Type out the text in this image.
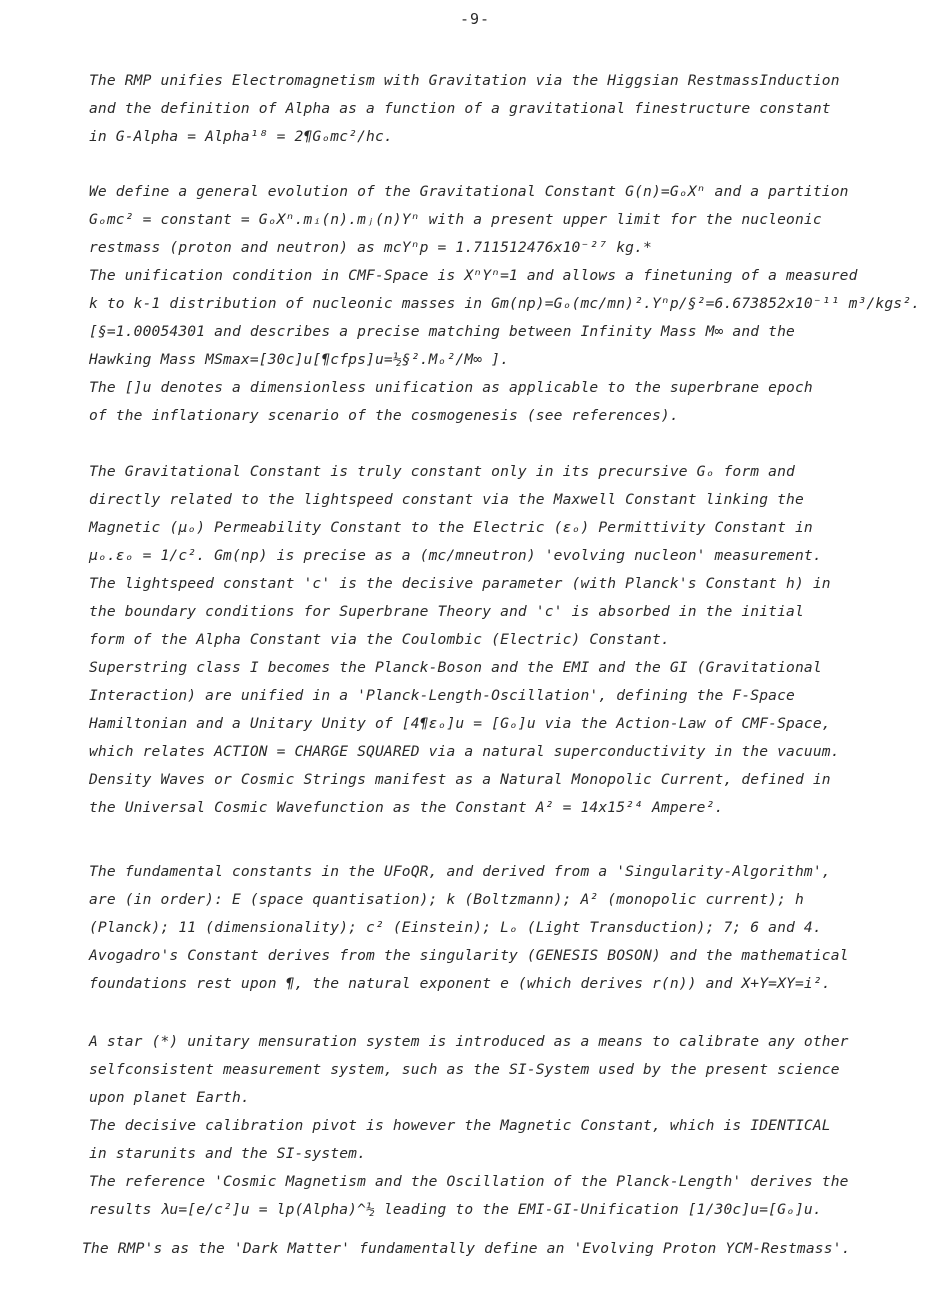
-9-
The RMP unifies Electromagnetism with Gravitation via the Higgsian RestmassInduction
and the definition of Alpha as a function of a gravitational finestructure constant
in G-Alpha = Alpha¹⁸ = 2¶Gₒmc²/hc.
We define a general evolution of the Gravitational Constant G(n)=GₒXⁿ and a partition
Gₒmc² = constant = GₒXⁿ.mᵢ(n).mⱼ(n)Yⁿ with a present upper limit for the nucleonic
restmass (proton and neutron) as mcYⁿp = 1.711512476x10⁻²⁷ kg.*
The unification condition in CMF-Space is XⁿYⁿ=1 and allows a finetuning of a measured
k to k-1 distribution of nucleonic masses in Gm(np)=Gₒ(mc/mn)².Yⁿp/§²=6.673852x10⁻¹¹ m³/kgs².
[§=1.00054301 and describes a precise matching between Infinity Mass M∞ and the
Hawking Mass MSmax=[30c]u[¶cfps]u=½§².Mₒ²/M∞ ].
The []u denotes a dimensionless unification as applicable to the superbrane epoch
of the inflationary scenario of the cosmogenesis (see references).
The Gravitational Constant is truly constant only in its precursive Gₒ form and
directly related to the lightspeed constant via the Maxwell Constant linking the
Magnetic (μₒ) Permeability Constant to the Electric (εₒ) Permittivity Constant in
μₒ.εₒ = 1/c². Gm(np) is precise as a (mc/mneutron) 'evolving nucleon' measurement.
The lightspeed constant 'c' is the decisive parameter (with Planck's Constant h) in
the boundary conditions for Superbrane Theory and 'c' is absorbed in the initial
form of the Alpha Constant via the Coulombic (Electric) Constant.
Superstring class I becomes the Planck-Boson and the EMI and the GI (Gravitational
Interaction) are unified in a 'Planck-Length-Oscillation', defining the F-Space
Hamiltonian and a Unitary Unity of [4¶εₒ]u = [Gₒ]u via the Action-Law of CMF-Space,
which relates ACTION = CHARGE SQUARED via a natural superconductivity in the vacuum.
Density Waves or Cosmic Strings manifest as a Natural Monopolic Current, defined in
the Universal Cosmic Wavefunction as the Constant A² = 14x15²⁴ Ampere².
The fundamental constants in the UFoQR, and derived from a 'Singularity-Algorithm',
are (in order): E (space quantisation); k (Boltzmann); A² (monopolic current); h
(Planck); 11 (dimensionality); c² (Einstein); Lₒ (Light Transduction); 7; 6 and 4.
Avogadro's Constant derives from the singularity (GENESIS BOSON) and the mathematical
foundations rest upon ¶, the natural exponent e (which derives r(n)) and X+Y=XY=i².
A star (*) unitary mensuration system is introduced as a means to calibrate any other
selfconsistent measurement system, such as the SI-System used by the present science
upon planet Earth.
The decisive calibration pivot is however the Magnetic Constant, which is IDENTICAL
in starunits and the SI-system.
The reference 'Cosmic Magnetism and the Oscillation of the Planck-Length' derives the
results λu=[e/c²]u = lp(Alpha)^½ leading to the EMI-GI-Unification [1/30c]u=[Gₒ]u.
The RMP's as the 'Dark Matter' fundamentally define an 'Evolving Proton YCM-Restmass'.
